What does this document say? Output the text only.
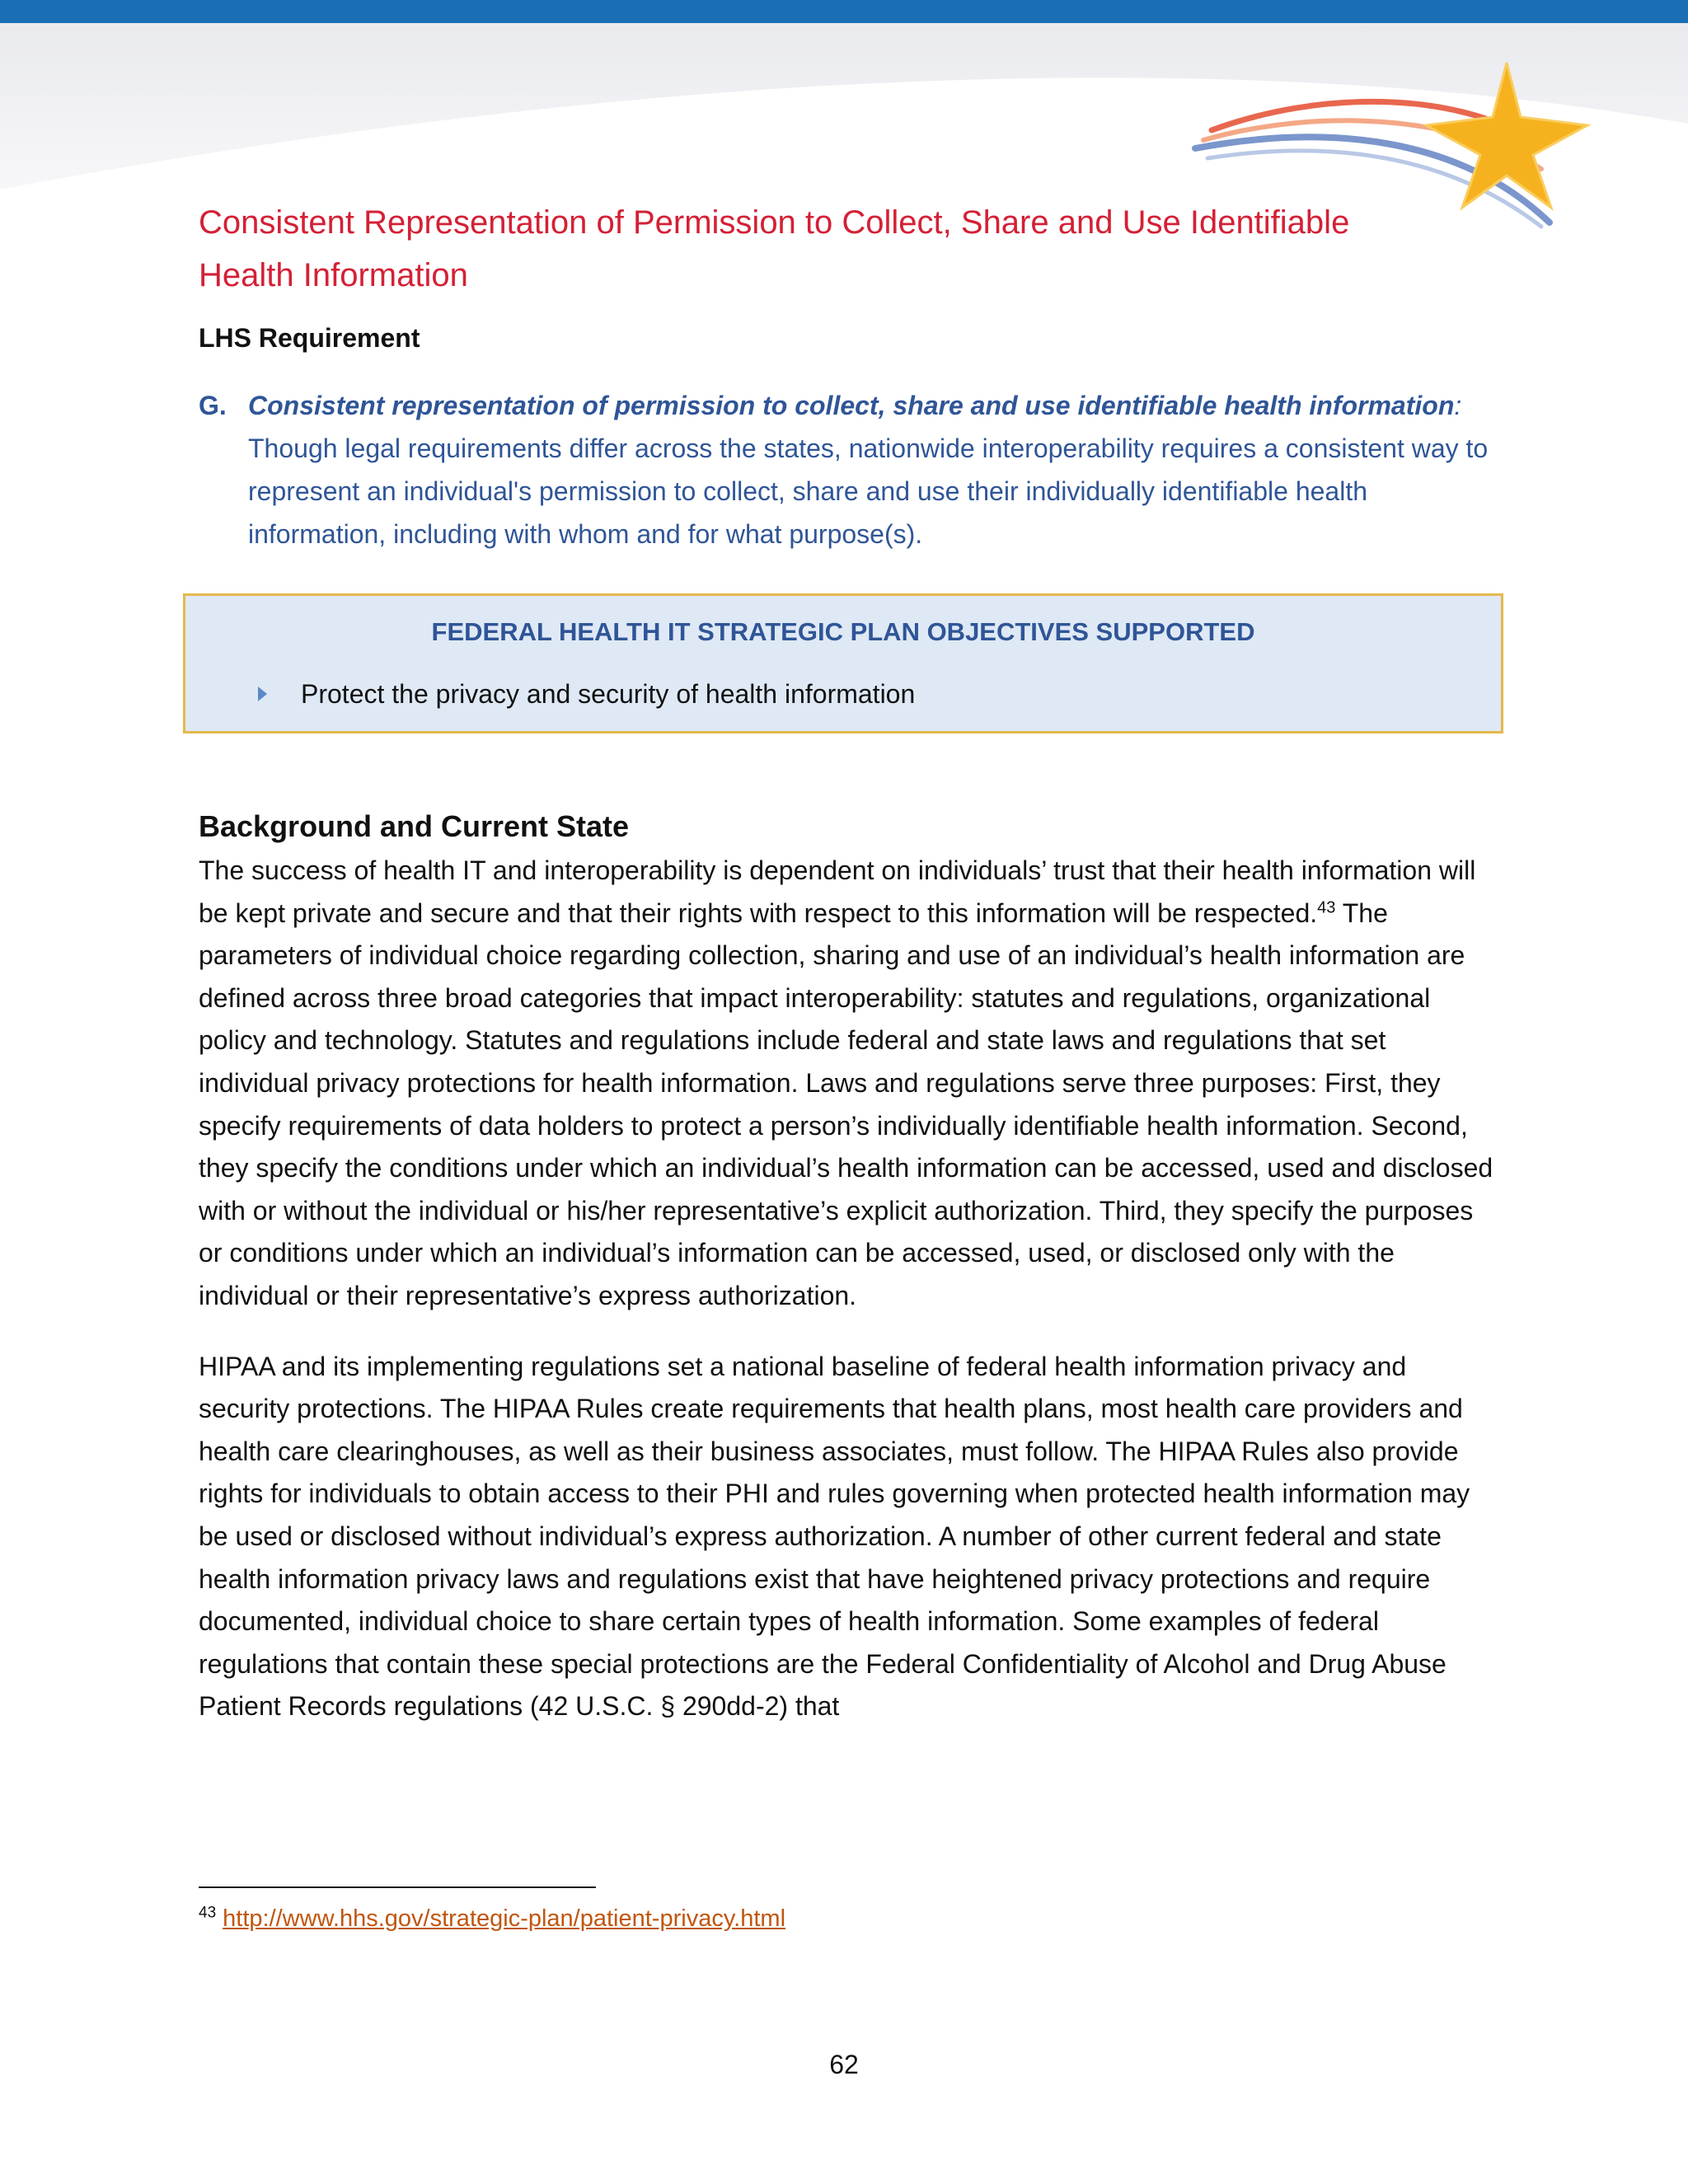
Consistent Representation of Permission to Collect, Share and Use Identifiable
Health Information
LHS Requirement
G. Consistent representation of permission to collect, share and use identifiable health information: Though legal requirements differ across the states, nationwide interoperability requires a consistent way to represent an individual's permission to collect, share and use their individually identifiable health information, including with whom and for what purpose(s).
FEDERAL HEALTH IT STRATEGIC PLAN OBJECTIVES SUPPORTED
Protect the privacy and security of health information
Background and Current State

The success of health IT and interoperability is dependent on individuals’ trust that their health information will be kept private and secure and that their rights with respect to this information will be respected.$^{43}$ The parameters of individual choice regarding collection, sharing and use of an individual’s health information are defined across three broad categories that impact interoperability: statutes and regulations, organizational policy and technology. Statutes and regulations include federal and state laws and regulations that set individual privacy protections for health information. Laws and regulations serve three purposes: First, they specify requirements of data holders to protect a person’s individually identifiable health information. Second, they specify the conditions under which an individual’s health information can be accessed, used and disclosed with or without the individual or his/her representative’s explicit authorization. Third, they specify the purposes or conditions under which an individual’s information can be accessed, used, or disclosed only with the individual or their representative’s express authorization.

HIPAA and its implementing regulations set a national baseline of federal health information privacy and security protections. The HIPAA Rules create requirements that health plans, most health care providers and health care clearinghouses, as well as their business associates, must follow. The HIPAA Rules also provide rights for individuals to obtain access to their PHI and rules governing when protected health information may be used or disclosed without individual’s express authorization. A number of other current federal and state health information privacy laws and regulations exist that have heightened privacy protections and require documented, individual choice to share certain types of health information. Some examples of federal regulations that contain these special protections are the Federal Confidentiality of Alcohol and Drug Abuse Patient Records regulations (42 U.S.C. § 290dd-2) that

$^{43}$ http://www.hhs.gov/strategic-plan/patient-privacy.html
62
